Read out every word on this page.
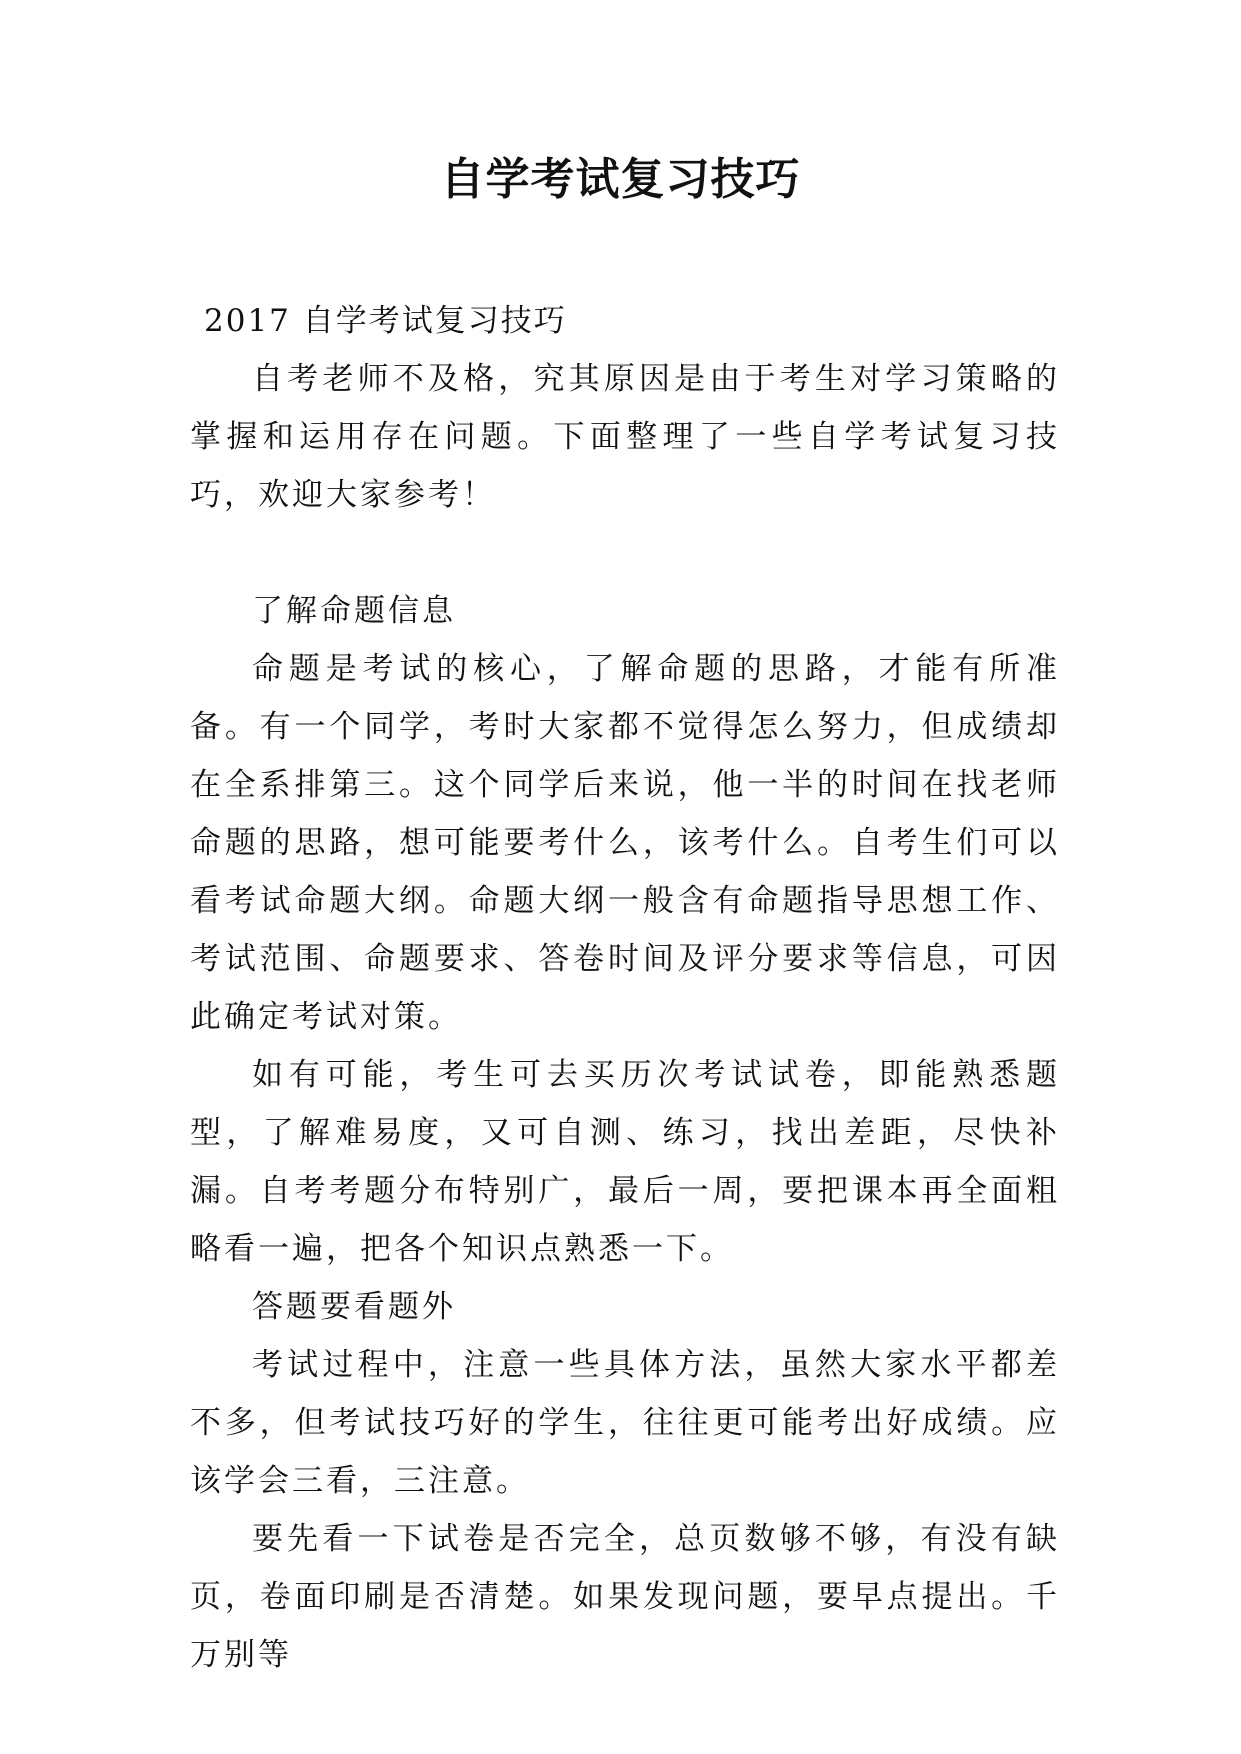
自学考试复习技巧

2017 自学考试复习技巧

自考老师不及格，究其原因是由于考生对学习策略的掌握和运用存在问题。下面整理了一些自学考试复习技巧，欢迎大家参考！

了解命题信息

命题是考试的核心，了解命题的思路，才能有所准备。有一个同学，考时大家都不觉得怎么努力，但成绩却在全系排第三。这个同学后来说，他一半的时间在找老师命题的思路，想可能要考什么，该考什么。自考生们可以看考试命题大纲。命题大纲一般含有命题指导思想工作、考试范围、命题要求、答卷时间及评分要求等信息，可因此确定考试对策。

如有可能，考生可去买历次考试试卷，即能熟悉题型，了解难易度，又可自测、练习，找出差距，尽快补漏。自考考题分布特别广，最后一周，要把课本再全面粗略看一遍，把各个知识点熟悉一下。

答题要看题外

考试过程中，注意一些具体方法，虽然大家水平都差不多，但考试技巧好的学生，往往更可能考出好成绩。应该学会三看，三注意。

要先看一下试卷是否完全，总页数够不够，有没有缺页，卷面印刷是否清楚。如果发现问题，要早点提出。千万别等
